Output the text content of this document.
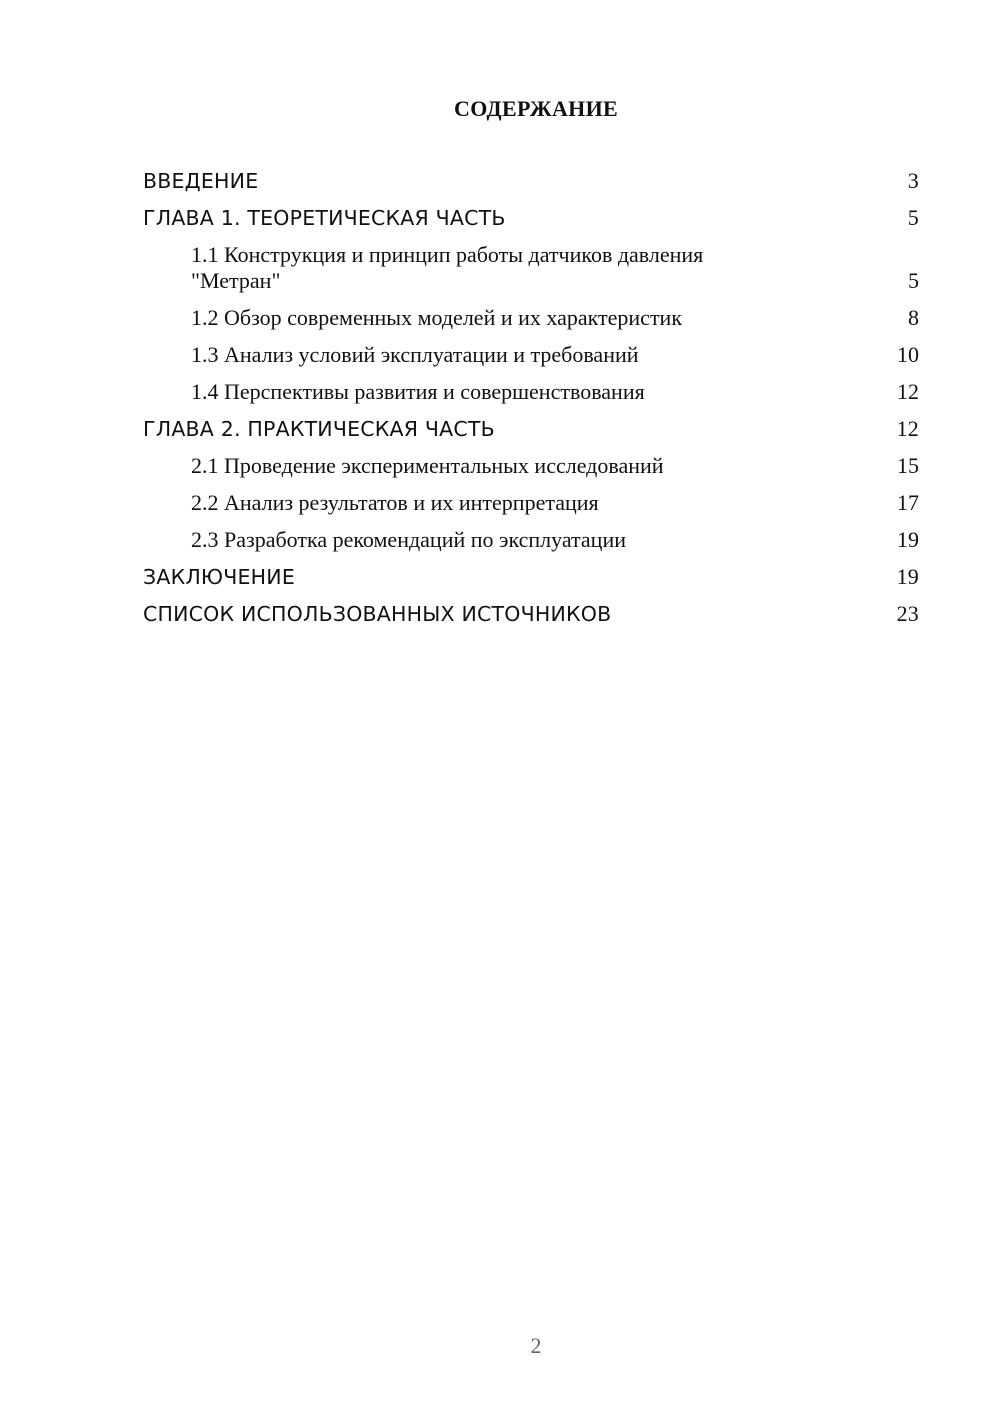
СОДЕРЖАНИЕ
ВВЕДЕНИЕ	3
ГЛАВА 1. ТЕОРЕТИЧЕСКАЯ ЧАСТЬ	5
1.1 Конструкция и принцип работы датчиков давления "Метран"	5
1.2 Обзор современных моделей и их характеристик	8
1.3 Анализ условий эксплуатации и требований	10
1.4 Перспективы развития и совершенствования	12
ГЛАВА 2. ПРАКТИЧЕСКАЯ ЧАСТЬ	12
2.1 Проведение экспериментальных исследований	15
2.2 Анализ результатов и их интерпретация	17
2.3 Разработка рекомендаций по эксплуатации	19
ЗАКЛЮЧЕНИЕ	19
СПИСОК ИСПОЛЬЗОВАННЫХ ИСТОЧНИКОВ	23
2
